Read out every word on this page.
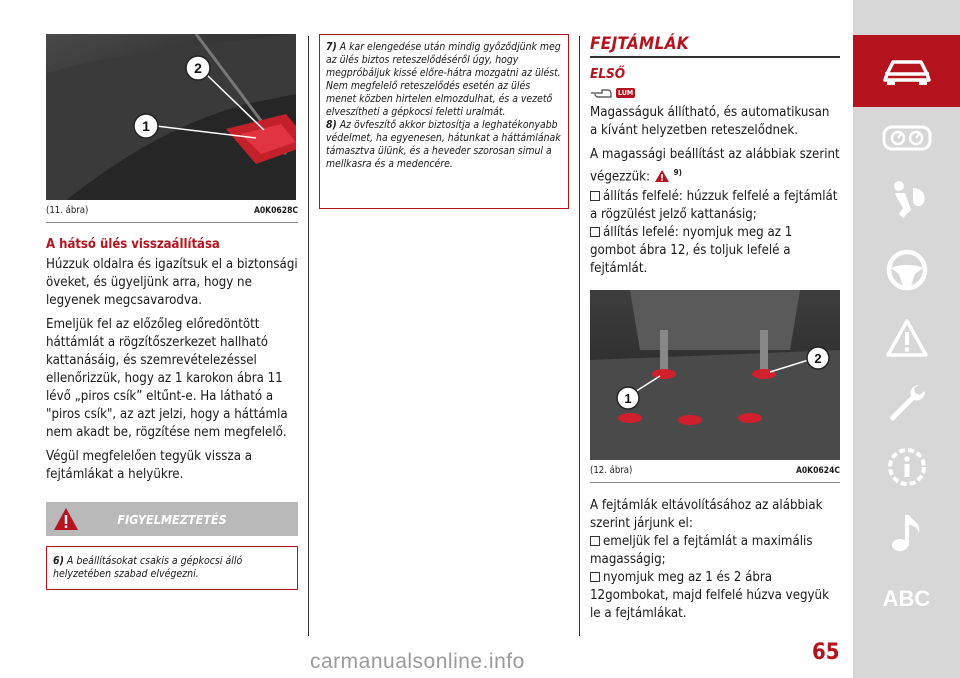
1
2
(11. ábra)	A0K0628C
A hátsó ülés visszaállítása

Húzzuk oldalra és igazítsuk el a biztonsági öveket, és ügyeljünk arra, hogy ne legyenek megcsavarodva.

Emeljük fel az előzőleg előredöntött háttámlát a rögzítőszerkezet hallható kattanásáig, és szemrevételezéssel ellenőrizzük, hogy az 1 karokon ábra 11 lévő „piros csík” eltűnt-e. Ha látható a "piros csík", az azt jelzi, hogy a háttámla nem akadt be, rögzítése nem megfelelő.

Végül megfelelően tegyük vissza a fejtámlákat a helyükre.

FIGYELMEZTETÉS
6) A beállításokat csakis a gépkocsi álló helyzetében szabad elvégezni.

7) A kar elengedése után mindig győződjünk meg az ülés biztos reteszelődéséről úgy, hogy megpróbáljuk kissé előre-hátra mozgatni az ülést. Nem megfelelő reteszelődés esetén az ülés menet közben hirtelen elmozdulhat, és a vezető elveszítheti a gépkocsi feletti uralmát.

8) Az övfeszítő akkor biztosítja a leghatékonyabb védelmet, ha egyenesen, hátunkat a háttámlának támasztva ülünk, és a heveder szorosan simul a mellkasra és a medencére.

FEJTÁMLÁK
ELSŐ
LUM

Magasságuk állítható, és automatikusan a kívánt helyzetben reteszelődnek.

A magassági beállítást az alábbiak szerint végezzük:	$^{9)}$

állítás felfelé: húzzuk felfelé a fejtámlát a rögzülést jelző kattanásig;

állítás lefelé: nyomjuk meg az 1 gombot ábra 12, és toljuk lefelé a fejtámlát.

1
2
(12. ábra)	A0K0624C

A fejtámlák eltávolításához az alábbiak szerint járjunk el:

emeljük fel a fejtámlát a maximális magasságig;

nyomjuk meg az 1 és 2 ábra 12gombokat, majd felfelé húzva vegyük le a fejtámlákat.

ABC
65
carmanualsonline.info
